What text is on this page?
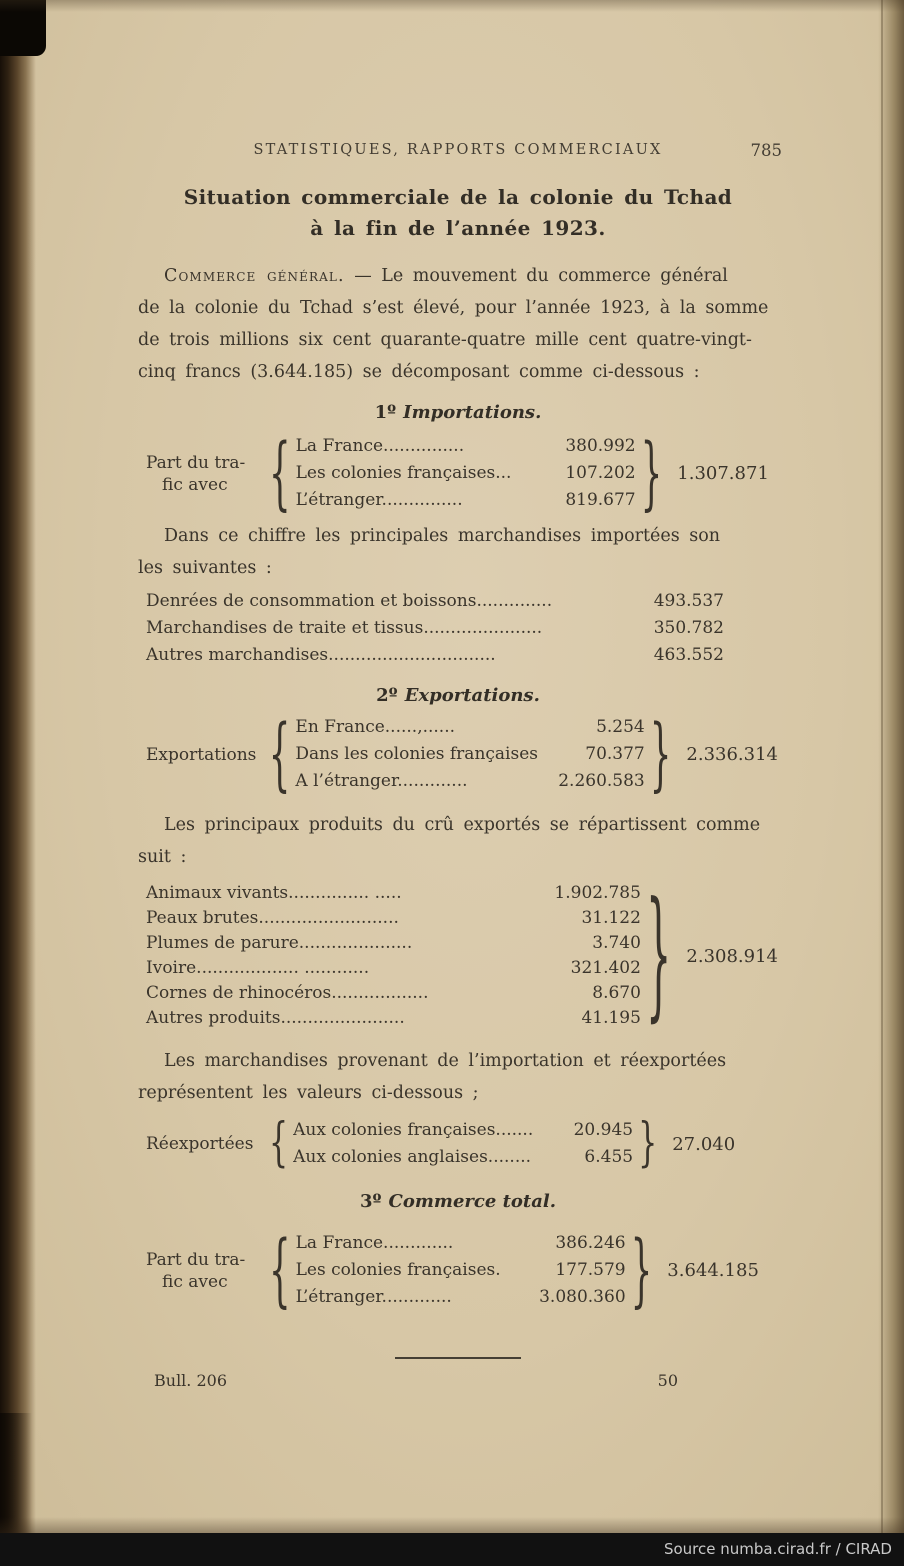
STATISTIQUES, RAPPORTS COMMERCIAUX	785
Situation commerciale de la colonie du Tchad
à la fin de l’année 1923.
Commerce général. — Le mouvement du commerce général
de la colonie du Tchad s’est élevé, pour l’année 1923, à la somme
de trois millions six cent quarante-quatre mille cent quatre-vingt-
cinq francs (3.644.185) se décomposant comme ci-dessous :
1º Importations.
Part du tra-
fic avec	{ La France...............	380.992
Les colonies françaises...	107.202
L’étranger...............	819.677 } 1.307.871
Dans ce chiffre les principales marchandises importées son
les suivantes :
Denrées de consommation et boissons..............	493.537
Marchandises de traite et tissus......................	350.782
Autres marchandises...............................	463.552
2º Exportations.
Exportations { En France......,......	5.254
Dans les colonies françaises	70.377
A l’étranger.............	2.260.583 } 2.336.314
Les principaux produits du crû exportés se répartissent comme
suit :
Animaux vivants............... .....	1.902.785
Peaux brutes..........................	31.122
Plumes de parure.....................	3.740
Ivoire................... ............	321.402
Cornes de rhinocéros..................	8.670
Autres produits.......................	41.195 } 2.308.914
Les marchandises provenant de l’importation et réexportées
représentent les valeurs ci-dessous ;
Réexportées { Aux colonies françaises....... 20.945
Aux colonies anglaises........	6.455 } 27.040
3º Commerce total.
Part du tra-
fic avec	{ La France.............	386.246
Les colonies françaises.	177.579
L’étranger.............	3.080.360 } 3.644.185
Bull. 206	50
Source numba.cirad.fr / CIRAD
